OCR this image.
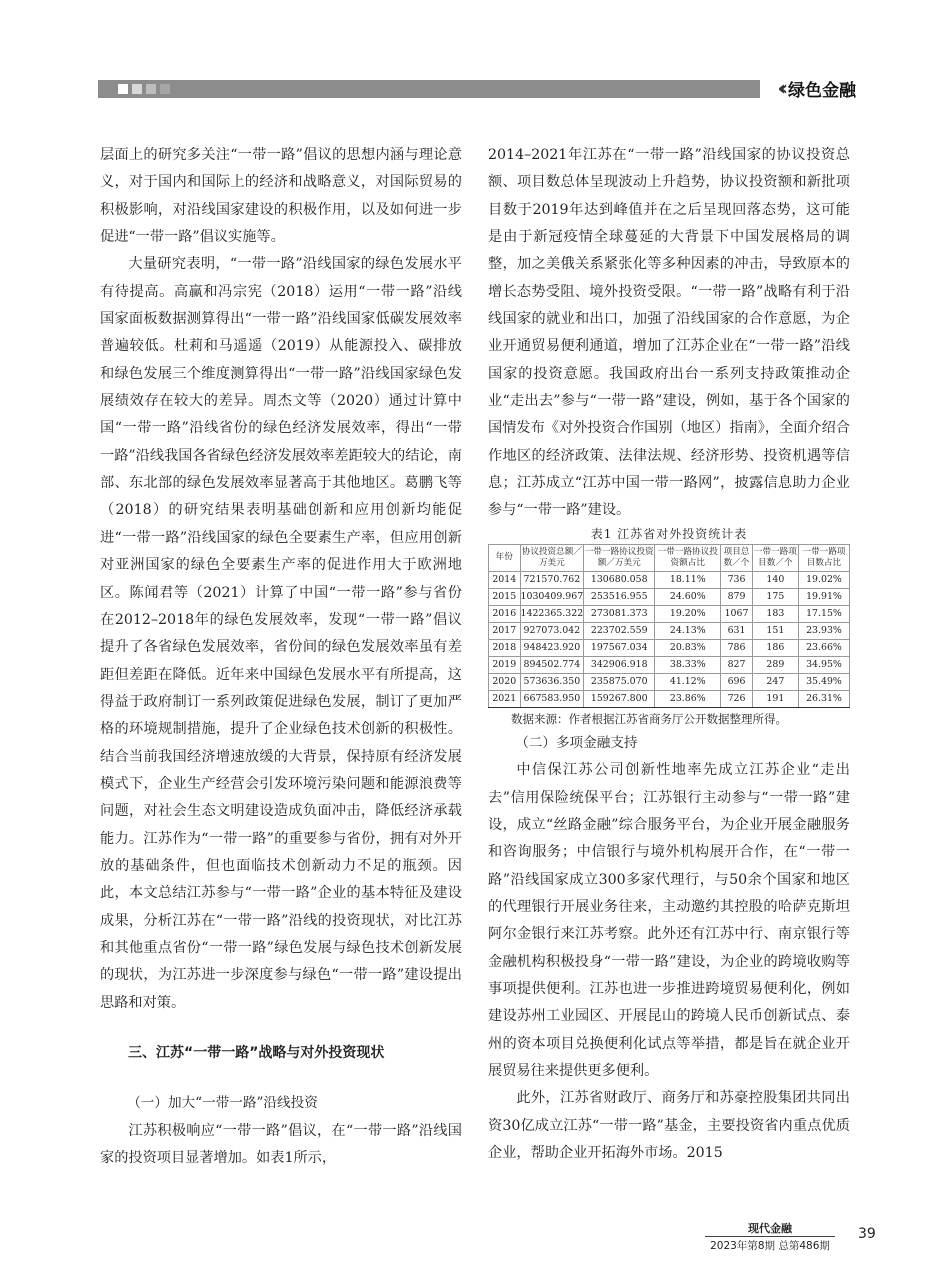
‹‹ 绿色金融

层面上的研究多关注“一带一路”倡议的思想内涵与理论意义，对于国内和国际上的经济和战略意义，对国际贸易的积极影响，对沿线国家建设的积极作用，以及如何进一步促进“一带一路”倡议实施等。

大量研究表明，“一带一路”沿线国家的绿色发展水平有待提高。高赢和冯宗宪（2018）运用“一带一路”沿线国家面板数据测算得出“一带一路”沿线国家低碳发展效率普遍较低。杜莉和马遥遥（2019）从能源投入、碳排放和绿色发展三个维度测算得出“一带一路”沿线国家绿色发展绩效存在较大的差异。周杰文等（2020）通过计算中国“一带一路”沿线省份的绿色经济发展效率，得出“一带一路”沿线我国各省绿色经济发展效率差距较大的结论，南部、东北部的绿色发展效率显著高于其他地区。葛鹏飞等（2018）的研究结果表明基础创新和应用创新均能促进“一带一路”沿线国家的绿色全要素生产率，但应用创新对亚洲国家的绿色全要素生产率的促进作用大于欧洲地区。陈闻君等（2021）计算了中国“一带一路”参与省份在2012–2018年的绿色发展效率，发现“一带一路”倡议提升了各省绿色发展效率，省份间的绿色发展效率虽有差距但差距在降低。近年来中国绿色发展水平有所提高，这得益于政府制订一系列政策促进绿色发展，制订了更加严格的环境规制措施，提升了企业绿色技术创新的积极性。结合当前我国经济增速放缓的大背景，保持原有经济发展模式下，企业生产经营会引发环境污染问题和能源浪费等问题，对社会生态文明建设造成负面冲击，降低经济承载能力。江苏作为“一带一路”的重要参与省份，拥有对外开放的基础条件，但也面临技术创新动力不足的瓶颈。因此，本文总结江苏参与“一带一路”企业的基本特征及建设成果，分析江苏在“一带一路”沿线的投资现状，对比江苏和其他重点省份“一带一路”绿色发展与绿色技术创新发展的现状，为江苏进一步深度参与绿色“一带一路”建设提出思路和对策。

三、江苏“一带一路”战略与对外投资现状

（一）加大“一带一路”沿线投资

江苏积极响应“一带一路”倡议，在“一带一路”沿线国家的投资项目显著增加。如表1所示，

2014–2021年江苏在“一带一路”沿线国家的协议投资总额、项目数总体呈现波动上升趋势，协议投资额和新批项目数于2019年达到峰值并在之后呈现回落态势，这可能是由于新冠疫情全球蔓延的大背景下中国发展格局的调整，加之美俄关系紧张化等多种因素的冲击，导致原本的增长态势受阻、境外投资受限。“一带一路”战略有利于沿线国家的就业和出口，加强了沿线国家的合作意愿，为企业开通贸易便利通道，增加了江苏企业在“一带一路”沿线国家的投资意愿。我国政府出台一系列支持政策推动企业“走出去”参与“一带一路”建设，例如，基于各个国家的国情发布《对外投资合作国别（地区）指南》，全面介绍合作地区的经济政策、法律法规、经济形势、投资机遇等信息；江苏成立“江苏中国一带一路网”，披露信息助力企业参与“一带一路”建设。

表1 江苏省对外投资统计表
年份	协议投资总额／万美元	一带一路协议投资额／万美元	一带一路协议投资额占比	项目总数／个	一带一路项目数／个	一带一路项目数占比
2014	721570.762	130680.058	18.11%	736	140	19.02%
2015	1030409.967	253516.955	24.60%	879	175	19.91%
2016	1422365.322	273081.373	19.20%	1067	183	17.15%
2017	927073.042	223702.559	24.13%	631	151	23.93%
2018	948423.920	197567.034	20.83%	786	186	23.66%
2019	894502.774	342906.918	38.33%	827	289	34.95%
2020	573636.350	235875.070	41.12%	696	247	35.49%
2021	667583.950	159267.800	23.86%	726	191	26.31%
数据来源：作者根据江苏省商务厅公开数据整理所得。

（二）多项金融支持

中信保江苏公司创新性地率先成立江苏企业“走出去”信用保险统保平台；江苏银行主动参与“一带一路”建设，成立“丝路金融”综合服务平台，为企业开展金融服务和咨询服务；中信银行与境外机构展开合作，在“一带一路”沿线国家成立300多家代理行，与50余个国家和地区的代理银行开展业务往来，主动邀约其控股的哈萨克斯坦阿尔金银行来江苏考察。此外还有江苏中行、南京银行等金融机构积极投身“一带一路”建设，为企业的跨境收购等事项提供便利。江苏也进一步推进跨境贸易便利化，例如建设苏州工业园区、开展昆山的跨境人民币创新试点、泰州的资本项目兑换便利化试点等举措，都是旨在就企业开展贸易往来提供更多便利。

此外，江苏省财政厅、商务厅和苏豪控股集团共同出资30亿成立江苏“一带一路”基金，主要投资省内重点优质企业，帮助企业开拓海外市场。2015

现代金融
2023年第8期 总第486期
39
